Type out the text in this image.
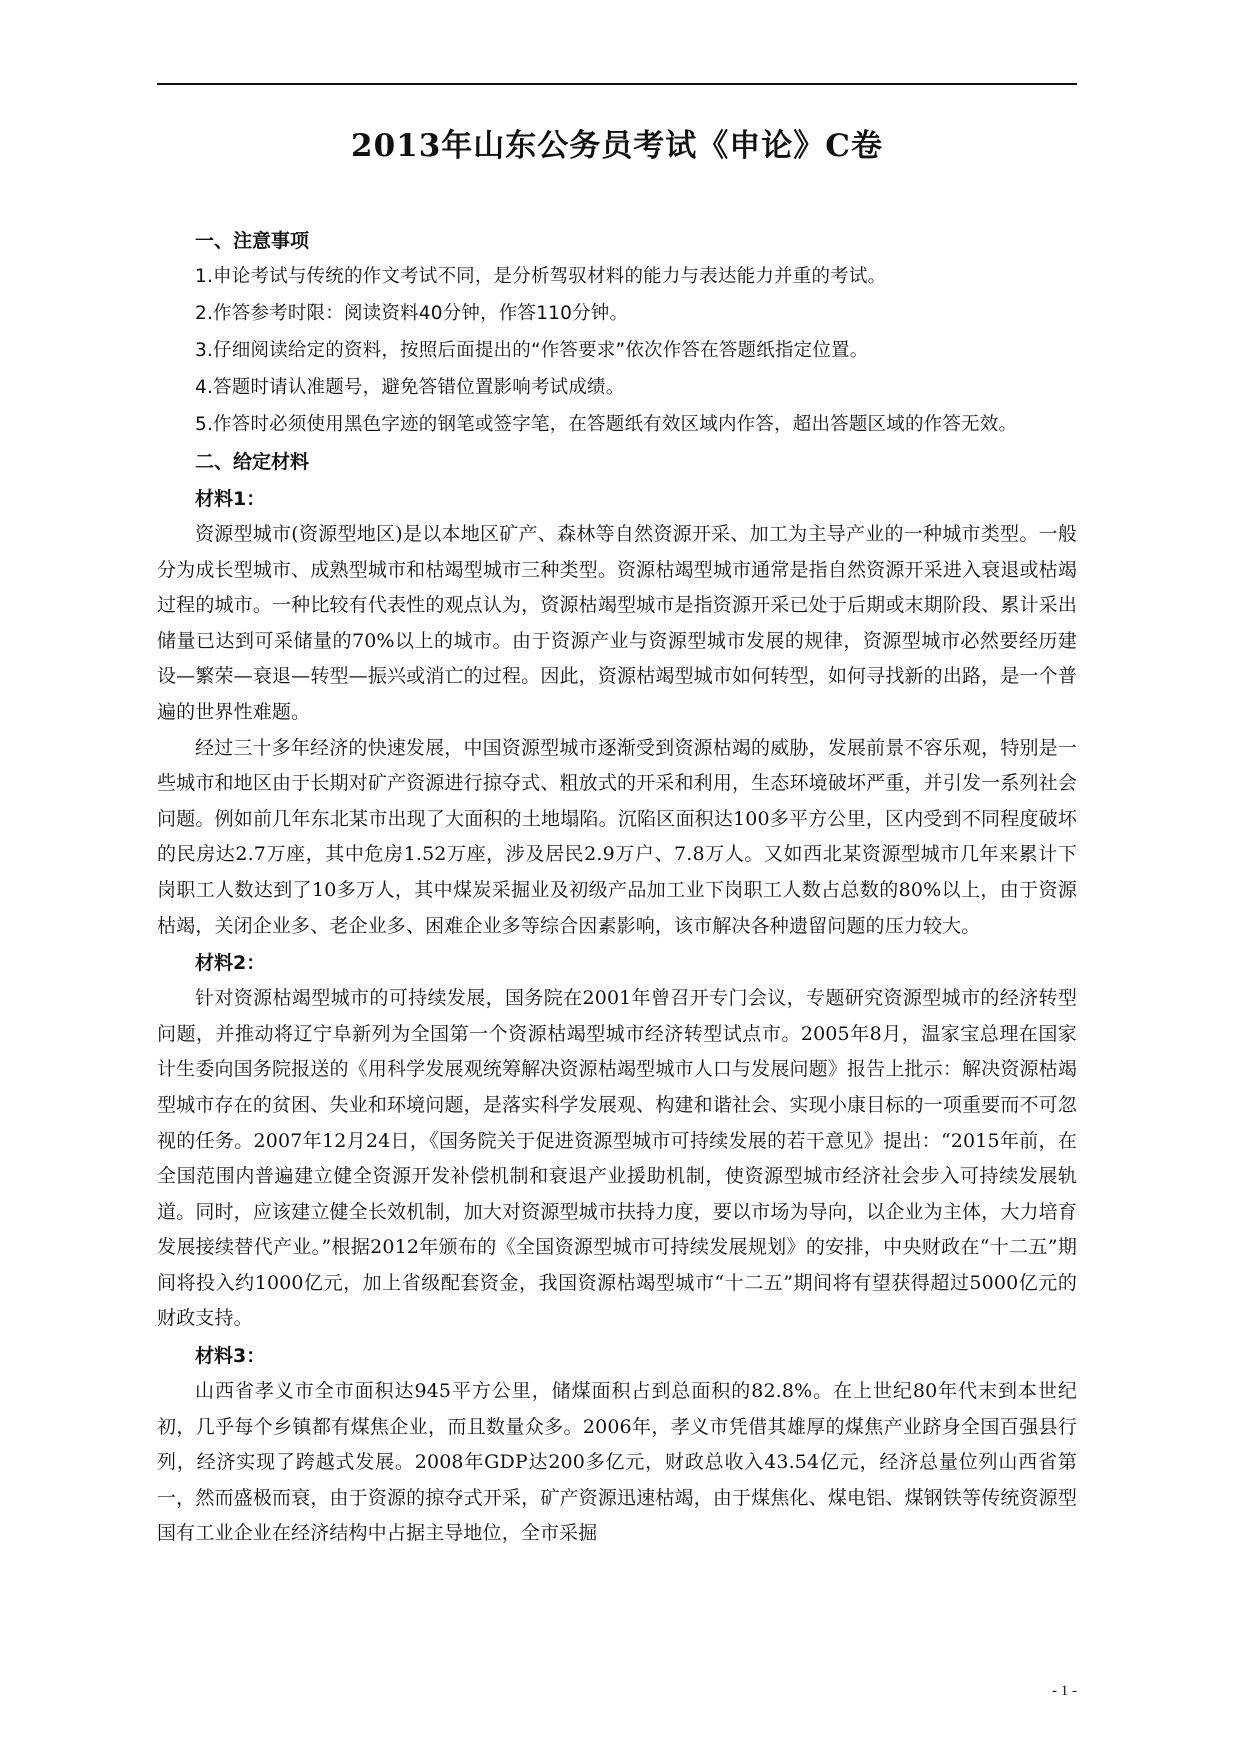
2013年山东公务员考试《申论》C卷
一、注意事项

1.申论考试与传统的作文考试不同，是分析驾驭材料的能力与表达能力并重的考试。

2.作答参考时限：阅读资料40分钟，作答110分钟。

3.仔细阅读给定的资料，按照后面提出的“作答要求”依次作答在答题纸指定位置。

4.答题时请认准题号，避免答错位置影响考试成绩。

5.作答时必须使用黑色字迹的钢笔或签字笔，在答题纸有效区域内作答，超出答题区域的作答无效。

二、给定材料
材料1：

资源型城市(资源型地区)是以本地区矿产、森林等自然资源开采、加工为主导产业的一种城市类型。一般分为成长型城市、成熟型城市和枯竭型城市三种类型。资源枯竭型城市通常是指自然资源开采进入衰退或枯竭过程的城市。一种比较有代表性的观点认为，资源枯竭型城市是指资源开采已处于后期或末期阶段、累计采出储量已达到可采储量的70%以上的城市。由于资源产业与资源型城市发展的规律，资源型城市必然要经历建设—繁荣—衰退—转型—振兴或消亡的过程。因此，资源枯竭型城市如何转型，如何寻找新的出路，是一个普遍的世界性难题。

经过三十多年经济的快速发展，中国资源型城市逐渐受到资源枯竭的威胁，发展前景不容乐观，特别是一些城市和地区由于长期对矿产资源进行掠夺式、粗放式的开采和利用，生态环境破坏严重，并引发一系列社会问题。例如前几年东北某市出现了大面积的土地塌陷。沉陷区面积达100多平方公里，区内受到不同程度破坏的民房达2.7万座，其中危房1.52万座，涉及居民2.9万户、7.8万人。又如西北某资源型城市几年来累计下岗职工人数达到了10多万人，其中煤炭采掘业及初级产品加工业下岗职工人数占总数的80%以上，由于资源枯竭，关闭企业多、老企业多、困难企业多等综合因素影响，该市解决各种遗留问题的压力较大。

材料2：

针对资源枯竭型城市的可持续发展，国务院在2001年曾召开专门会议，专题研究资源型城市的经济转型问题，并推动将辽宁阜新列为全国第一个资源枯竭型城市经济转型试点市。2005年8月，温家宝总理在国家计生委向国务院报送的《用科学发展观统筹解决资源枯竭型城市人口与发展问题》报告上批示：解决资源枯竭型城市存在的贫困、失业和环境问题，是落实科学发展观、构建和谐社会、实现小康目标的一项重要而不可忽视的任务。2007年12月24日，《国务院关于促进资源型城市可持续发展的若干意见》提出：“2015年前，在全国范围内普遍建立健全资源开发补偿机制和衰退产业援助机制，使资源型城市经济社会步入可持续发展轨道。同时，应该建立健全长效机制，加大对资源型城市扶持力度，要以市场为导向，以企业为主体，大力培育发展接续替代产业。”根据2012年颁布的《全国资源型城市可持续发展规划》的安排，中央财政在“十二五”期间将投入约1000亿元，加上省级配套资金，我国资源枯竭型城市“十二五”期间将有望获得超过5000亿元的财政支持。

材料3：

山西省孝义市全市面积达945平方公里，储煤面积占到总面积的82.8%。在上世纪80年代末到本世纪初，几乎每个乡镇都有煤焦企业，而且数量众多。2006年，孝义市凭借其雄厚的煤焦产业跻身全国百强县行列，经济实现了跨越式发展。2008年GDP达200多亿元，财政总收入43.54亿元，经济总量位列山西省第一，然而盛极而衰，由于资源的掠夺式开采，矿产资源迅速枯竭，由于煤焦化、煤电铝、煤钢铁等传统资源型国有工业企业在经济结构中占据主导地位，全市采掘

- 1 -
